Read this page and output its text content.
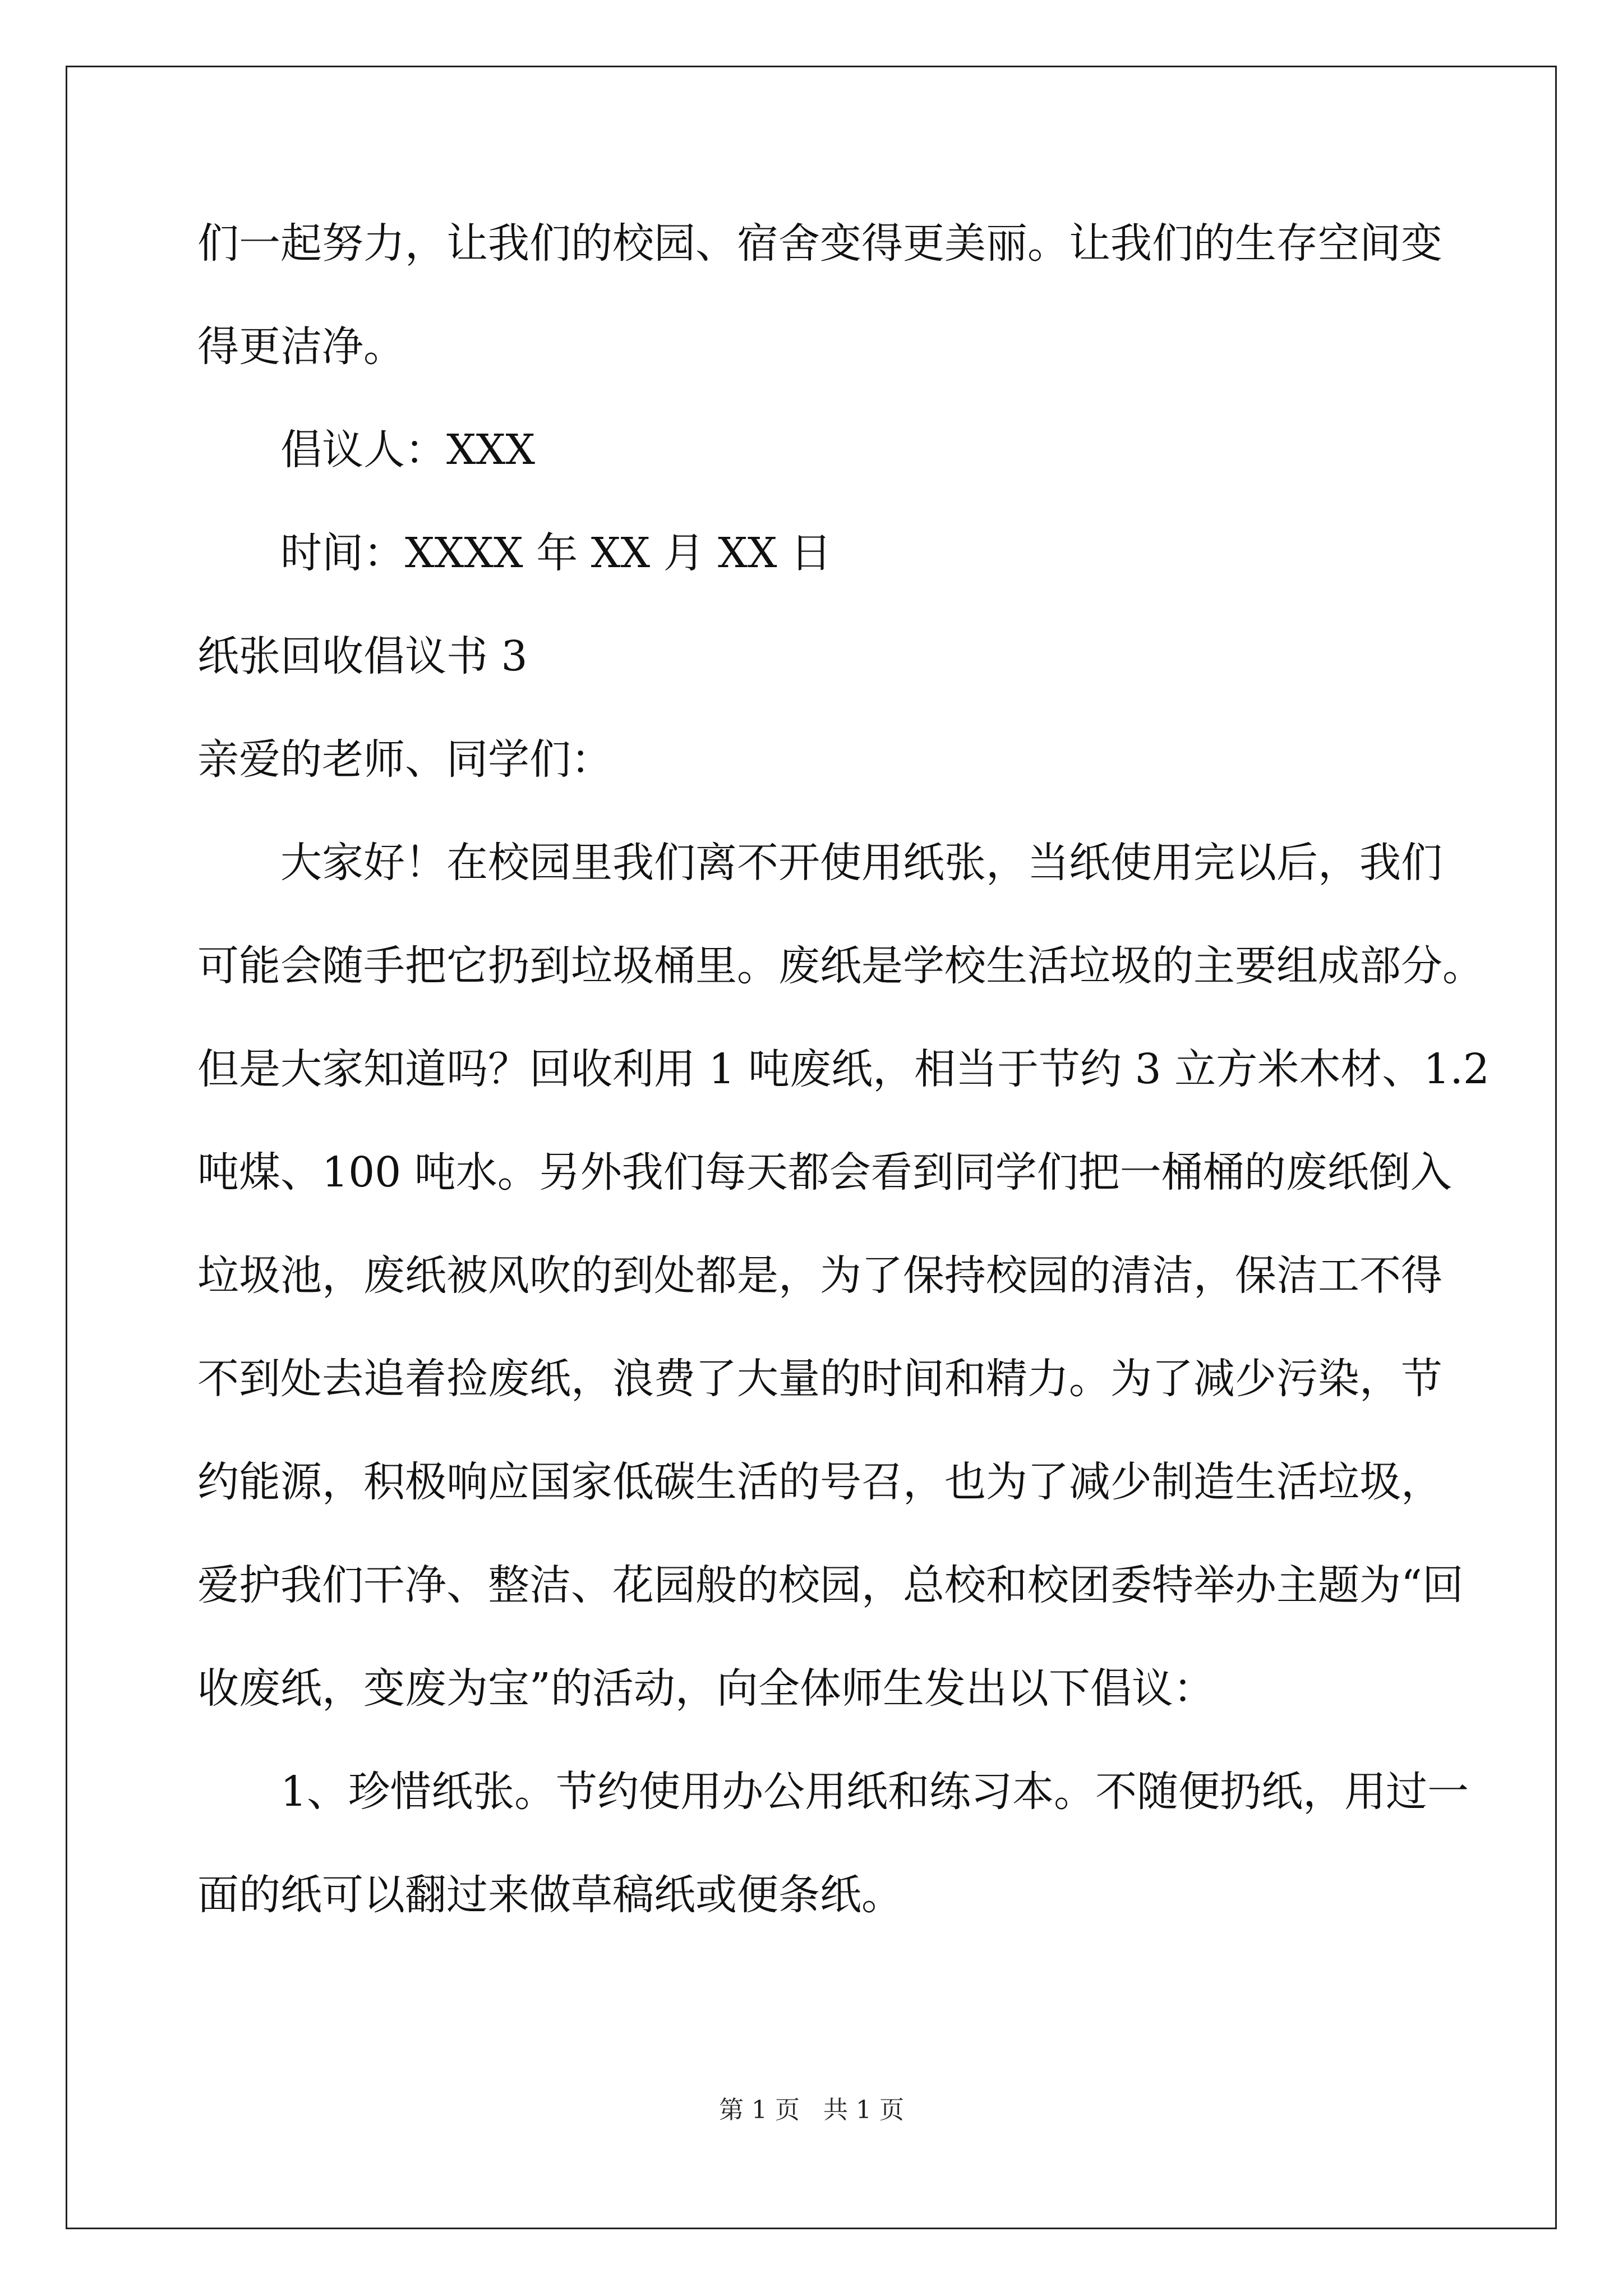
们一起努力，让我们的校园、宿舍变得更美丽。让我们的生存空间变
得更洁净。
倡议人：XXX
时间：XXXX 年 XX 月 XX 日
纸张回收倡议书 3
亲爱的老师、同学们：
大家好！在校园里我们离不开使用纸张，当纸使用完以后，我们
可能会随手把它扔到垃圾桶里。废纸是学校生活垃圾的主要组成部分。
但是大家知道吗？回收利用 1 吨废纸，相当于节约 3 立方米木材、1.2
吨煤、100 吨水。另外我们每天都会看到同学们把一桶桶的废纸倒入
垃圾池，废纸被风吹的到处都是，为了保持校园的清洁，保洁工不得
不到处去追着捡废纸，浪费了大量的时间和精力。为了减少污染，节
约能源，积极响应国家低碳生活的号召，也为了减少制造生活垃圾，
爱护我们干净、整洁、花园般的校园，总校和校团委特举办主题为“回
收废纸，变废为宝”的活动，向全体师生发出以下倡议：
1、珍惜纸张。节约使用办公用纸和练习本。不随便扔纸，用过一
面的纸可以翻过来做草稿纸或便条纸。
第 1 页   共 1 页
